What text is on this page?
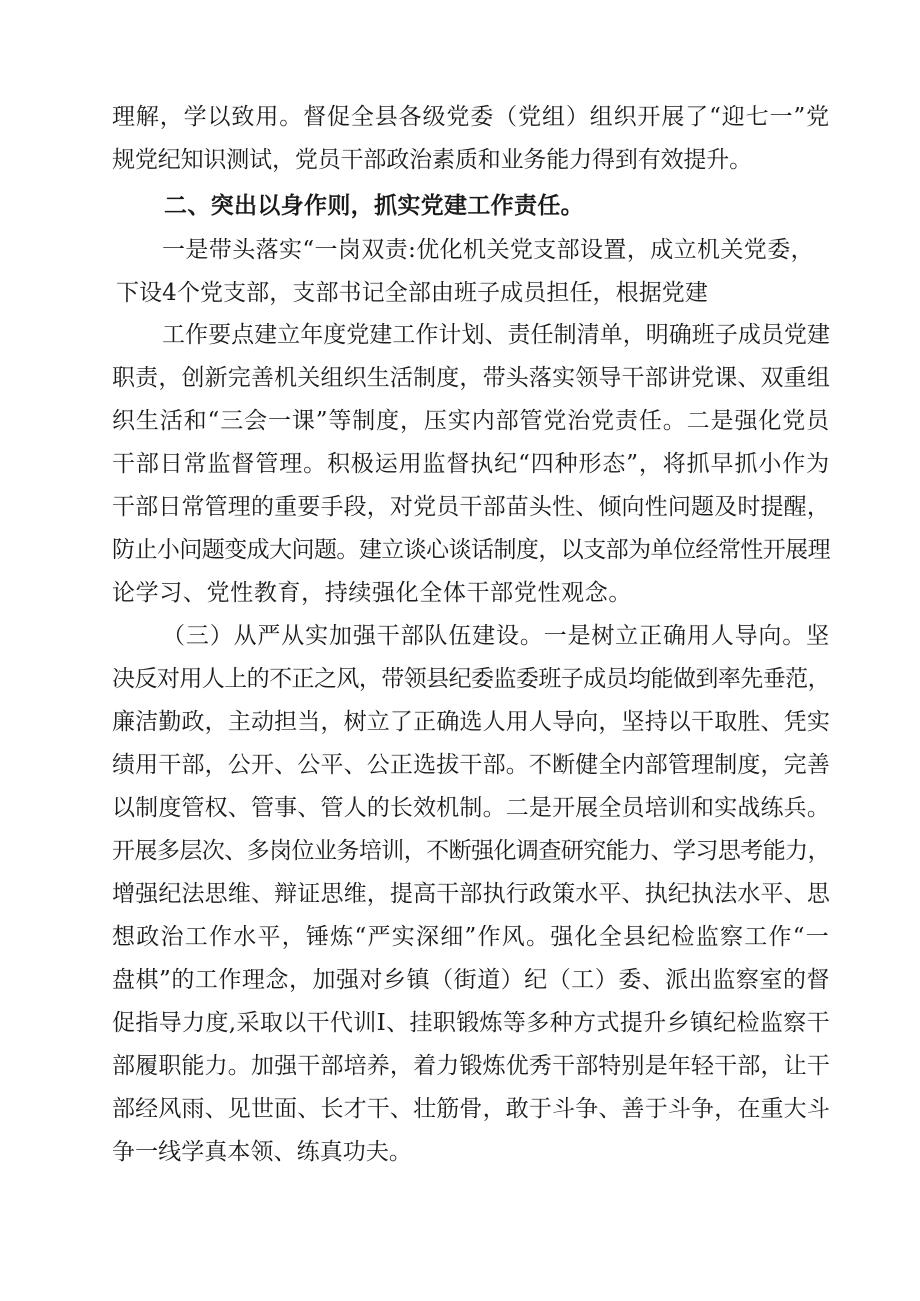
理解，学以致用。督促全县各级党委（党组）组织开展了“迎七一”党
规党纪知识测试，党员干部政治素质和业务能力得到有效提升。
二、突出以身作则，抓实党建工作责任。
一是带头落实“一岗双责:优化机关党支部设置，成立机关党委，
下设4个党支部，支部书记全部由班子成员担任，根据党建
工作要点建立年度党建工作计划、责任制清单，明确班子成员党建
职责，创新完善机关组织生活制度，带头落实领导干部讲党课、双重组
织生活和“三会一课”等制度，压实内部管党治党责任。二是强化党员
干部日常监督管理。积极运用监督执纪“四种形态”，将抓早抓小作为
干部日常管理的重要手段，对党员干部苗头性、倾向性问题及时提醒，
防止小问题变成大问题。建立谈心谈话制度，以支部为单位经常性开展理
论学习、党性教育，持续强化全体干部党性观念。
（三）从严从实加强干部队伍建设。一是树立正确用人导向。坚
决反对用人上的不正之风，带领县纪委监委班子成员均能做到率先垂范，
廉洁勤政，主动担当，树立了正确选人用人导向，坚持以干取胜、凭实
绩用干部，公开、公平、公正选拔干部。不断健全内部管理制度，完善
以制度管权、管事、管人的长效机制。二是开展全员培训和实战练兵。
开展多层次、多岗位业务培训，不断强化调查研究能力、学习思考能力，
增强纪法思维、辩证思维，提高干部执行政策水平、执纪执法水平、思
想政治工作水平，锤炼“严实深细”作风。强化全县纪检监察工作“一
盘棋”的工作理念，加强对乡镇（街道）纪（工）委、派出监察室的督
促指导力度,采取以干代训I、挂职锻炼等多种方式提升乡镇纪检监察干
部履职能力。加强干部培养，着力锻炼优秀干部特别是年轻干部，让干
部经风雨、见世面、长才干、壮筋骨，敢于斗争、善于斗争，在重大斗
争一线学真本领、练真功夫。
